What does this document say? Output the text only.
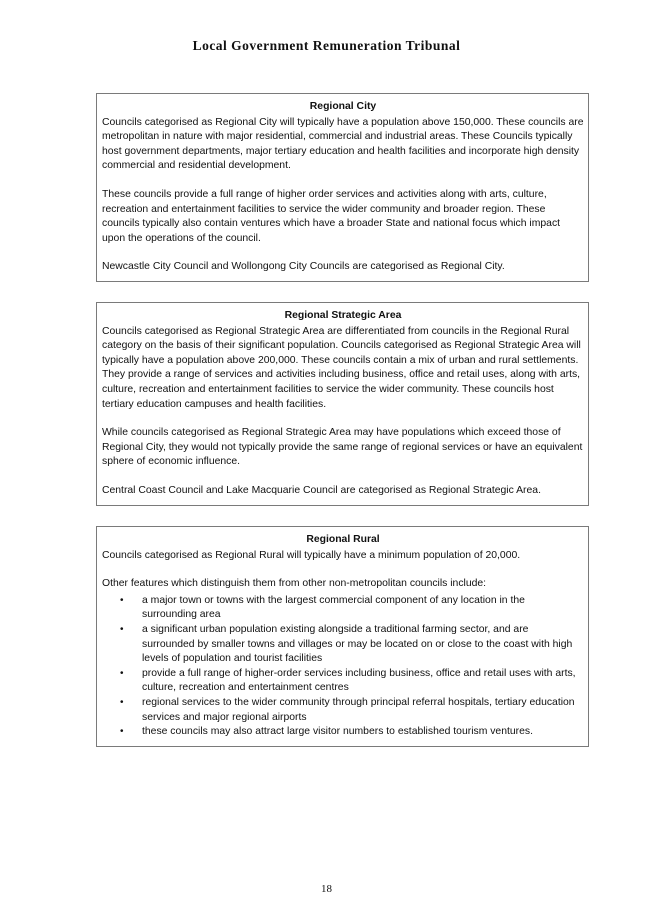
Local Government Remuneration Tribunal
Regional City

Councils categorised as Regional City will typically have a population above 150,000. These councils are metropolitan in nature with major residential, commercial and industrial areas. These Councils typically host government departments, major tertiary education and health facilities and incorporate high density commercial and residential development.

These councils provide a full range of higher order services and activities along with arts, culture, recreation and entertainment facilities to service the wider community and broader region. These councils typically also contain ventures which have a broader State and national focus which impact upon the operations of the council.

Newcastle City Council and Wollongong City Councils are categorised as Regional City.

Regional Strategic Area

Councils categorised as Regional Strategic Area are differentiated from councils in the Regional Rural category on the basis of their significant population. Councils categorised as Regional Strategic Area will typically have a population above 200,000. These councils contain a mix of urban and rural settlements. They provide a range of services and activities including business, office and retail uses, along with arts, culture, recreation and entertainment facilities to service the wider community. These councils host tertiary education campuses and health facilities.

While councils categorised as Regional Strategic Area may have populations which exceed those of Regional City, they would not typically provide the same range of regional services or have an equivalent sphere of economic influence.

Central Coast Council and Lake Macquarie Council are categorised as Regional Strategic Area.

Regional Rural

Councils categorised as Regional Rural will typically have a minimum population of 20,000.

Other features which distinguish them from other non-metropolitan councils include:

• a major town or towns with the largest commercial component of any location in the surrounding area
• a significant urban population existing alongside a traditional farming sector, and are surrounded by smaller towns and villages or may be located on or close to the coast with high levels of population and tourist facilities
• provide a full range of higher-order services including business, office and retail uses with arts, culture, recreation and entertainment centres
• regional services to the wider community through principal referral hospitals, tertiary education services and major regional airports
• these councils may also attract large visitor numbers to established tourism ventures.
18
